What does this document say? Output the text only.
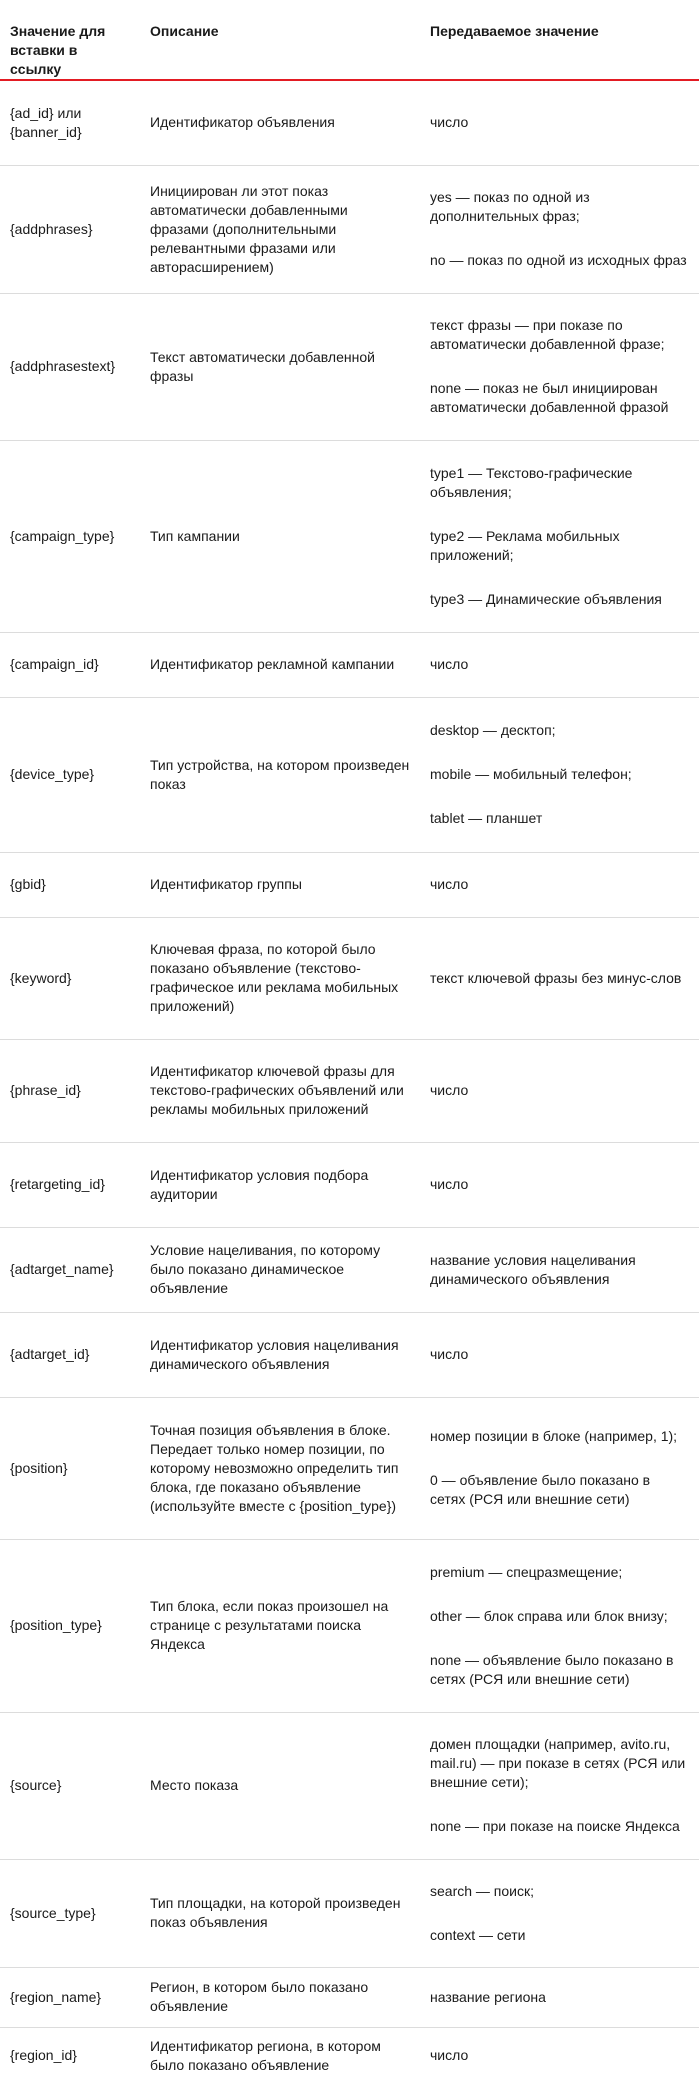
Значение для вставки в ссылку	Описание	Передаваемое значение
{ad_id} или {banner_id}	Идентификатор объявления	число

{addphrases}	Инициирован ли этот показ автоматически добавленными фразами (дополнительными релевантными фразами или авторасширением)	yes — показ по одной из дополнительных фраз;
no — показ по одной из исходных фраз

{addphrasestext}	Текст автоматически добавленной фразы	текст фразы — при показе по автоматически добавленной фразе;
none — показ не был инициирован автоматически добавленной фразой

{campaign_type}	Тип кампании	type1 — Текстово-графические объявления;
type2 — Реклама мобильных приложений;
type3 — Динамические объявления

{campaign_id}	Идентификатор рекламной кампании	число

{device_type}	Тип устройства, на котором произведен показ	desktop — десктоп;
mobile — мобильный телефон;
tablet — планшет

{gbid}	Идентификатор группы	число

{keyword}	Ключевая фраза, по которой было показано объявление (текстово-графическое или реклама мобильных приложений)	текст ключевой фразы без минус-слов

{phrase_id}	Идентификатор ключевой фразы для текстово-графических объявлений или рекламы мобильных приложений	число

{retargeting_id}	Идентификатор условия подбора аудитории	число

{adtarget_name}	Условие нацеливания, по которому было показано динамическое объявление	название условия нацеливания динамического объявления

{adtarget_id}	Идентификатор условия нацеливания динамического объявления	число

{position}	Точная позиция объявления в блоке. Передает только номер позиции, по которому невозможно определить тип блока, где показано объявление (используйте вместе с {position_type})	номер позиции в блоке (например, 1);
0 — объявление было показано в сетях (РСЯ или внешние сети)

{position_type}	Тип блока, если показ произошел на странице с результатами поиска Яндекса	premium — спецразмещение;
other — блок справа или блок внизу;
none — объявление было показано в сетях (РСЯ или внешние сети)

{source}	Место показа	домен площадки (например, avito.ru, mail.ru) — при показе в сетях (РСЯ или внешние сети);
none — при показе на поиске Яндекса

{source_type}	Тип площадки, на которой произведен показ объявления	search — поиск;
context — сети

{region_name}	Регион, в котором было показано объявление	название региона

{region_id}	Идентификатор региона, в котором было показано объявление	число
